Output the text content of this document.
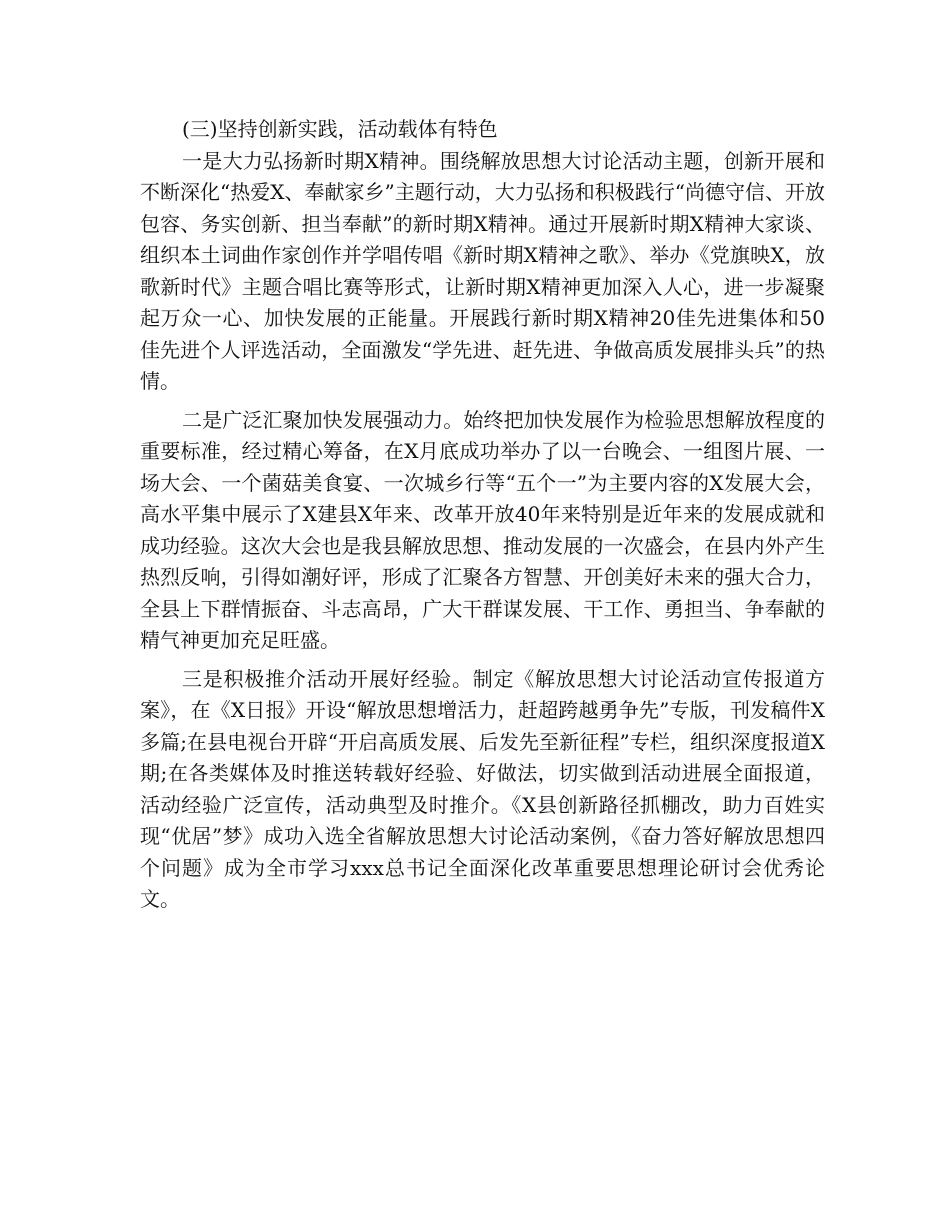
(三)坚持创新实践，活动载体有特色

一是大力弘扬新时期X精神。围绕解放思想大讨论活动主题，创新开展和不断深化“热爱X、奉献家乡”主题行动，大力弘扬和积极践行“尚德守信、开放包容、务实创新、担当奉献”的新时期X精神。通过开展新时期X精神大家谈、组织本土词曲作家创作并学唱传唱《新时期X精神之歌》、举办《党旗映X，放歌新时代》主题合唱比赛等形式，让新时期X精神更加深入人心，进一步凝聚起万众一心、加快发展的正能量。开展践行新时期X精神20佳先进集体和50佳先进个人评选活动，全面激发“学先进、赶先进、争做高质发展排头兵”的热情。

二是广泛汇聚加快发展强动力。始终把加快发展作为检验思想解放程度的重要标准，经过精心筹备，在X月底成功举办了以一台晚会、一组图片展、一场大会、一个菌菇美食宴、一次城乡行等“五个一”为主要内容的X发展大会，高水平集中展示了X建县X年来、改革开放40年来特别是近年来的发展成就和成功经验。这次大会也是我县解放思想、推动发展的一次盛会，在县内外产生热烈反响，引得如潮好评，形成了汇聚各方智慧、开创美好未来的强大合力，全县上下群情振奋、斗志高昂，广大干群谋发展、干工作、勇担当、争奉献的精气神更加充足旺盛。

三是积极推介活动开展好经验。制定《解放思想大讨论活动宣传报道方案》，在《X日报》开设“解放思想增活力，赶超跨越勇争先”专版，刊发稿件X多篇;在县电视台开辟“开启高质发展、后发先至新征程”专栏，组织深度报道X期;在各类媒体及时推送转载好经验、好做法，切实做到活动进展全面报道，活动经验广泛宣传，活动典型及时推介。《X县创新路径抓棚改，助力百姓实现“优居”梦》成功入选全省解放思想大讨论活动案例，《奋力答好解放思想四个问题》成为全市学习xxx总书记全面深化改革重要思想理论研讨会优秀论文。
